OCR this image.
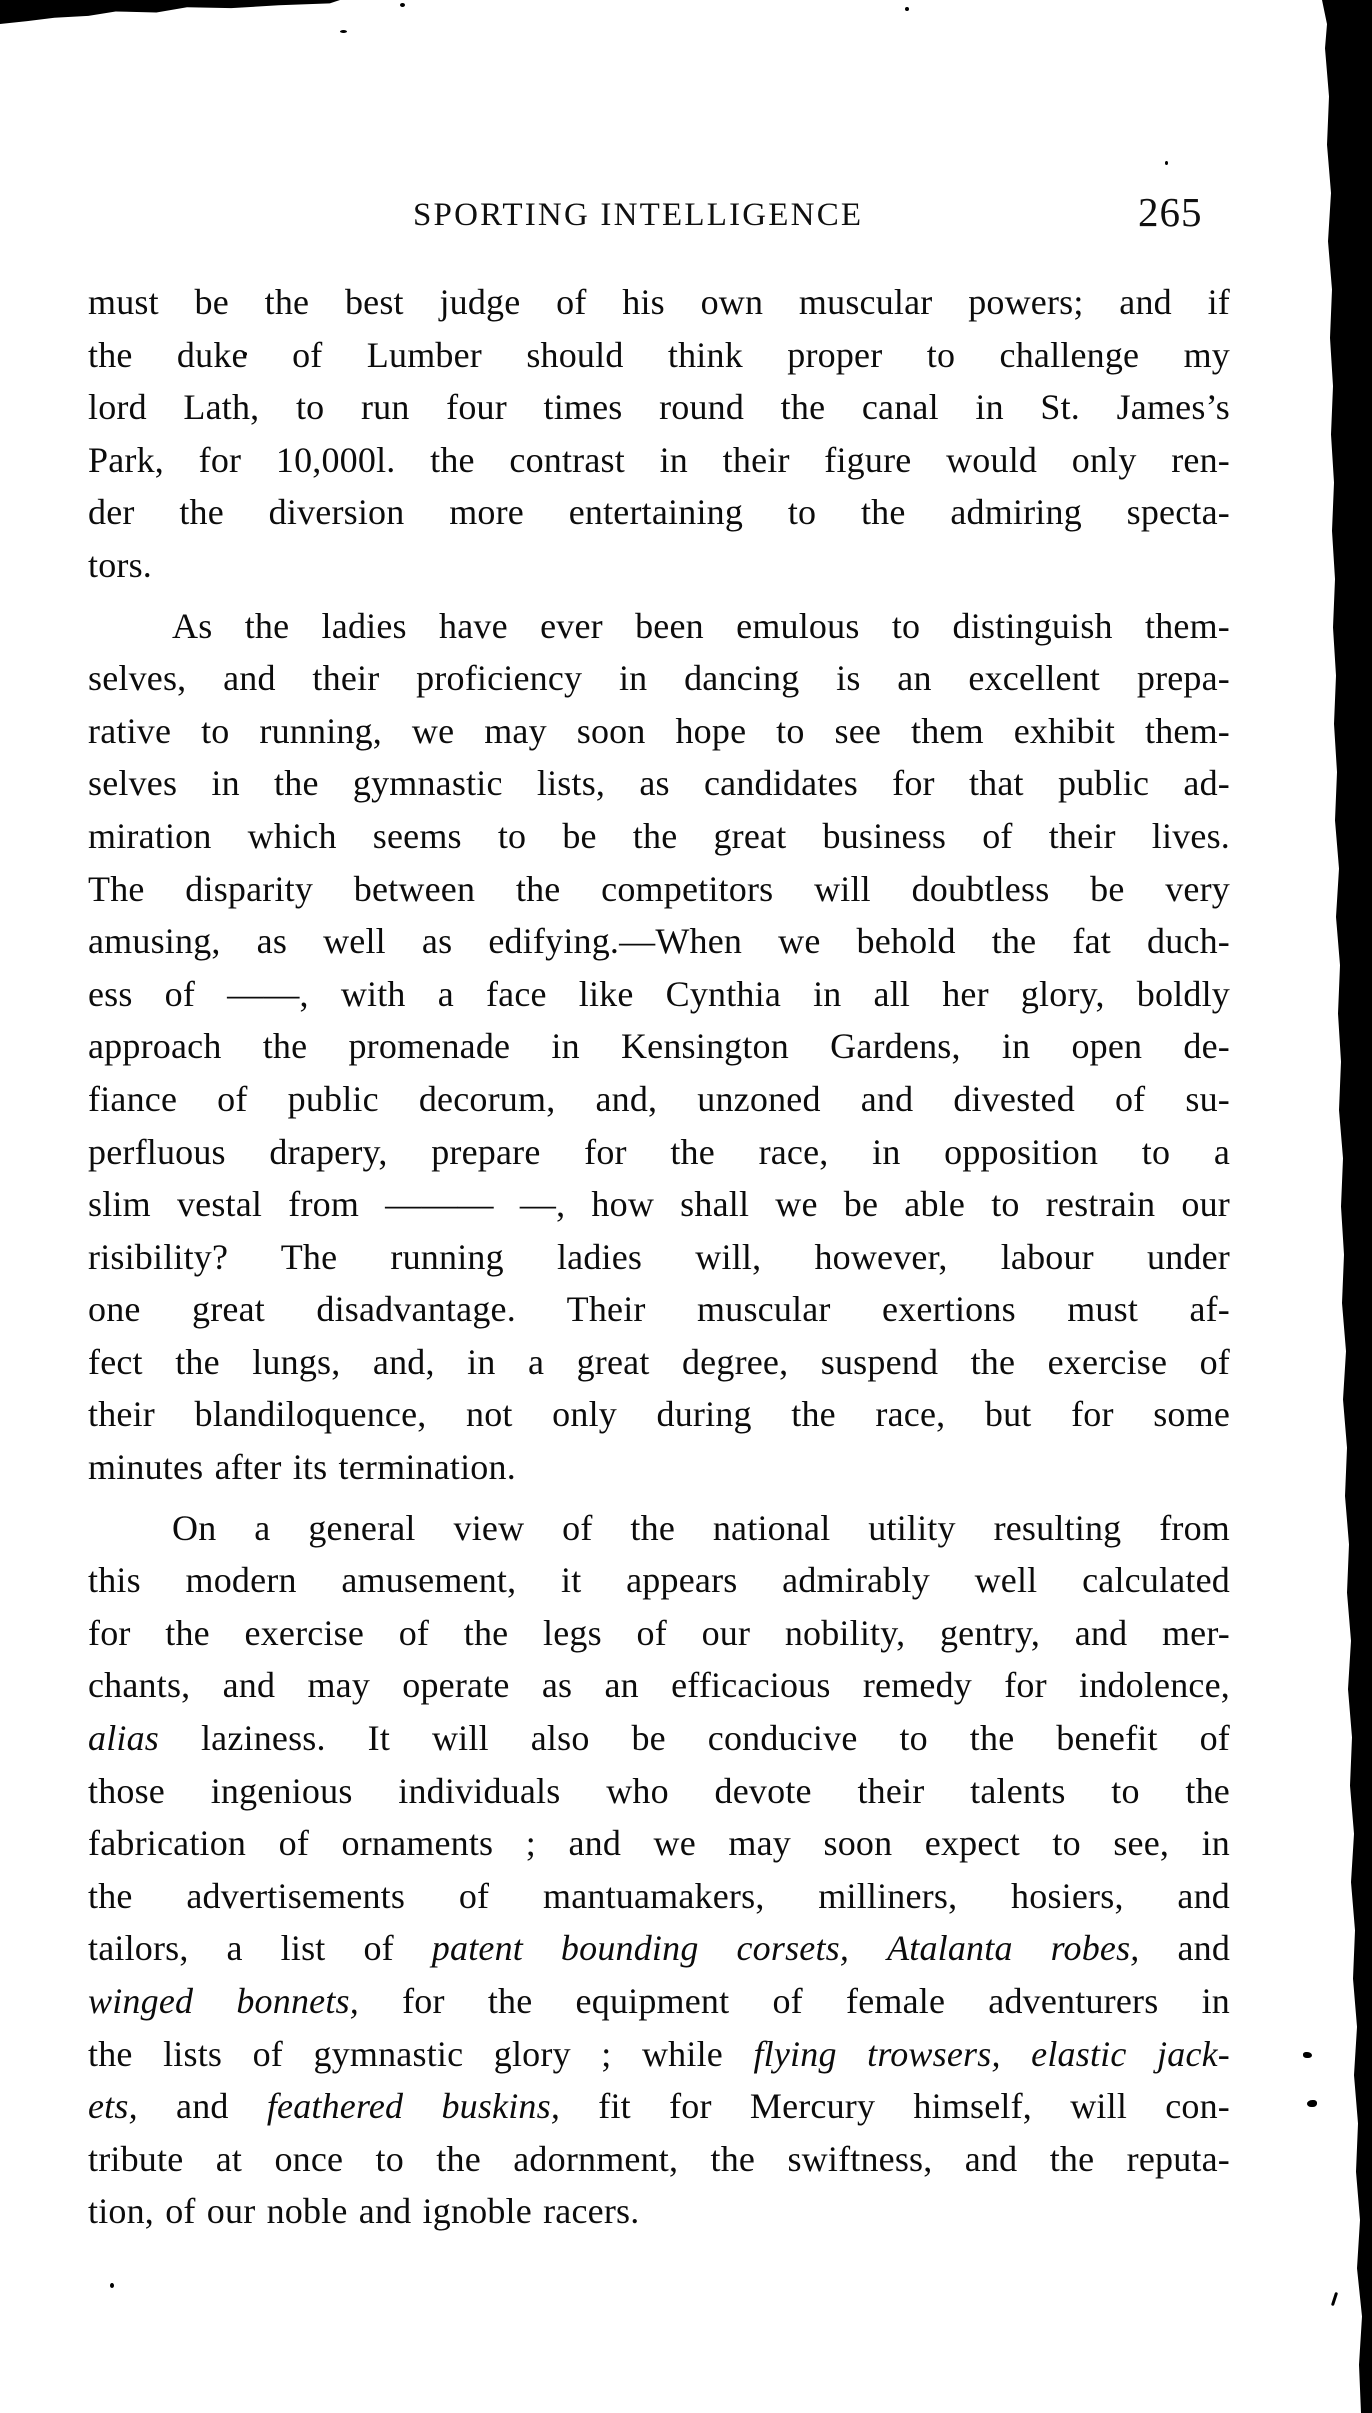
SPORTING INTELLIGENCE	265
must be the best judge of his own muscular powers; and if
the duke of Lumber should think proper to challenge my
lord Lath, to run four times round the canal in St. James’s
Park, for 10,000l. the contrast in their figure would only ren-
der the diversion more entertaining to the admiring specta-
tors.
As the ladies have ever been emulous to distinguish them-
selves, and their proficiency in dancing is an excellent prepa-
rative to running, we may soon hope to see them exhibit them-
selves in the gymnastic lists, as candidates for that public ad-
miration which seems to be the great business of their lives.
The disparity between the competitors will doubtless be very
amusing, as well as edifying.—When we behold the fat duch-
ess of ——, with a face like Cynthia in all her glory, boldly
approach the promenade in Kensington Gardens, in open de-
fiance of public decorum, and, unzoned and divested of su-
perfluous drapery, prepare for the race, in opposition to a
slim vestal from ——— —, how shall we be able to restrain our
risibility? The running ladies will, however, labour under
one great disadvantage. Their muscular exertions must af-
fect the lungs, and, in a great degree, suspend the exercise of
their blandiloquence, not only during the race, but for some
minutes after its termination.
On a general view of the national utility resulting from
this modern amusement, it appears admirably well calculated
for the exercise of the legs of our nobility, gentry, and mer-
chants, and may operate as an efficacious remedy for indolence,
alias laziness. It will also be conducive to the benefit of
those ingenious individuals who devote their talents to the
fabrication of ornaments ; and we may soon expect to see, in
the advertisements of mantuamakers, milliners, hosiers, and
tailors, a list of patent bounding corsets, Atalanta robes, and
winged bonnets, for the equipment of female adventurers in
the lists of gymnastic glory ; while flying trowsers, elastic jack-
ets, and feathered buskins, fit for Mercury himself, will con-
tribute at once to the adornment, the swiftness, and the reputa-
tion, of our noble and ignoble racers.
